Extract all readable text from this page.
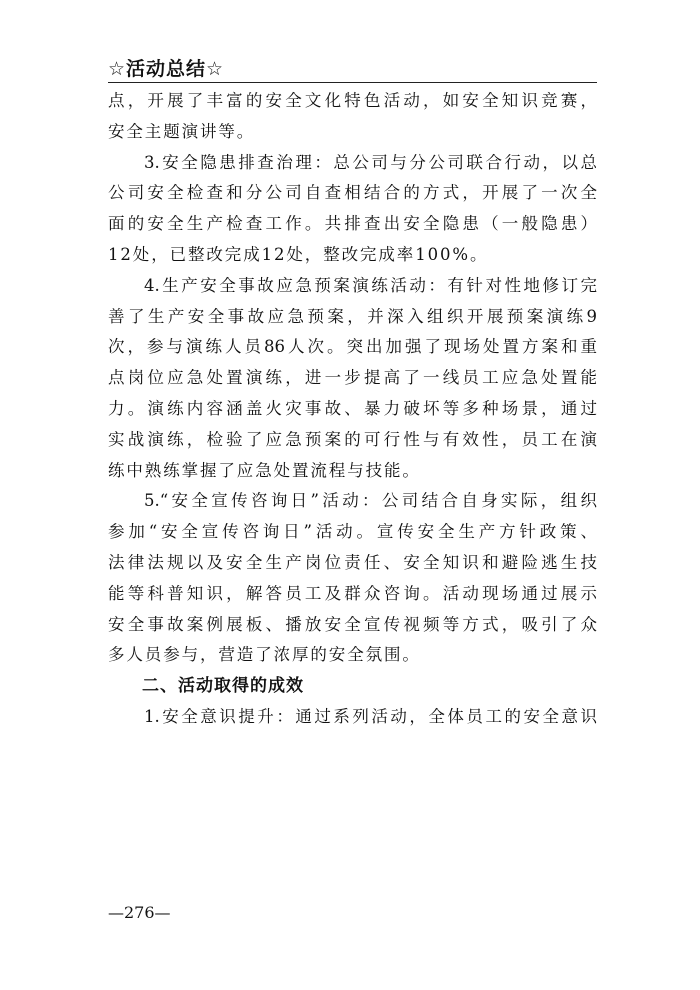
☆活动总结☆
点，开展了丰富的安全文化特色活动，如安全知识竞赛，
安全主题演讲等。
3.安全隐患排查治理：总公司与分公司联合行动，以总
公司安全检查和分公司自查相结合的方式，开展了一次全
面的安全生产检查工作。共排查出安全隐患（一般隐患）
12处，已整改完成12处，整改完成率100%。
4.生产安全事故应急预案演练活动：有针对性地修订完
善了生产安全事故应急预案，并深入组织开展预案演练9
次，参与演练人员86人次。突出加强了现场处置方案和重
点岗位应急处置演练，进一步提高了一线员工应急处置能
力。演练内容涵盖火灾事故、暴力破坏等多种场景，通过
实战演练，检验了应急预案的可行性与有效性，员工在演
练中熟练掌握了应急处置流程与技能。
5.“安全宣传咨询日”活动：公司结合自身实际，组织
参加“安全宣传咨询日”活动。宣传安全生产方针政策、
法律法规以及安全生产岗位责任、安全知识和避险逃生技
能等科普知识，解答员工及群众咨询。活动现场通过展示
安全事故案例展板、播放安全宣传视频等方式，吸引了众
多人员参与，营造了浓厚的安全氛围。
二、活动取得的成效
1.安全意识提升：通过系列活动，全体员工的安全意识
—276—
